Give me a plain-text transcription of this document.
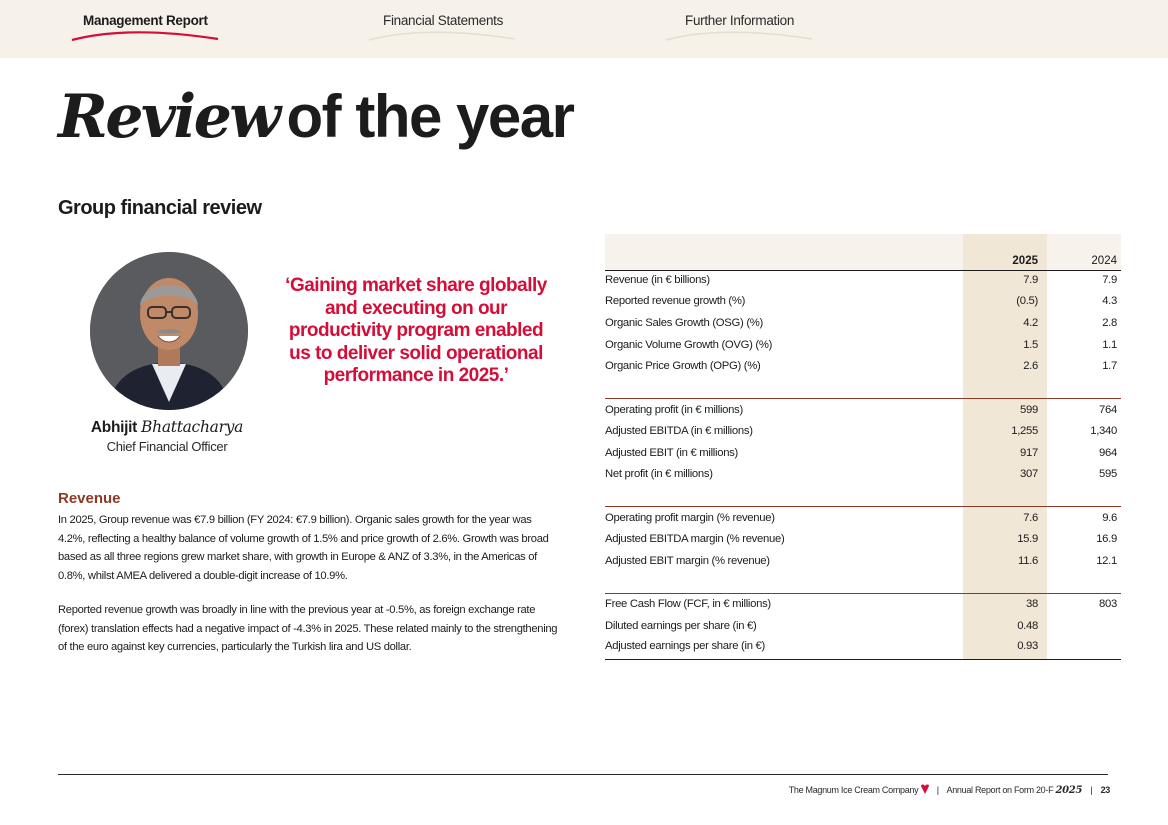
Management Report	Financial Statements	Further Information
Review of the year
Group financial review
Abhijit Bhattacharya
Chief Financial Officer
‘Gaining market share globally and executing on our productivity program enabled us to deliver solid operational performance in 2025.’
Revenue

In 2025, Group revenue was €7.9 billion (FY 2024: €7.9 billion). Organic sales growth for the year was 4.2%, reflecting a healthy balance of volume growth of 1.5% and price growth of 2.6%. Growth was broad based as all three regions grew market share, with growth in Europe & ANZ of 3.3%, in the Americas of 0.8%, whilst AMEA delivered a double-digit increase of 10.9%.

Reported revenue growth was broadly in line with the previous year at -0.5%, as foreign exchange rate (forex) translation effects had a negative impact of -4.3% in 2025. These related mainly to the strengthening of the euro against key currencies, particularly the Turkish lira and US dollar.

2025	2024
Revenue (in € billions)	7.9	7.9
Reported revenue growth (%)	(0.5)	4.3
Organic Sales Growth (OSG) (%)	4.2	2.8
Organic Volume Growth (OVG) (%)	1.5	1.1
Organic Price Growth (OPG) (%)	2.6	1.7
Operating profit (in € millions)	599	764
Adjusted EBITDA (in € millions)	1,255	1,340
Adjusted EBIT (in € millions)	917	964
Net profit (in € millions)	307	595
Operating profit margin (% revenue)	7.6	9.6
Adjusted EBITDA margin (% revenue)	15.9	16.9
Adjusted EBIT margin (% revenue)	11.6	12.1
Free Cash Flow (FCF, in € millions)	38	803
Diluted earnings per share (in €)	0.48
Adjusted earnings per share (in €)	0.93
The Magnum Ice Cream Company | Annual Report on Form 20-F 2025 | 23
